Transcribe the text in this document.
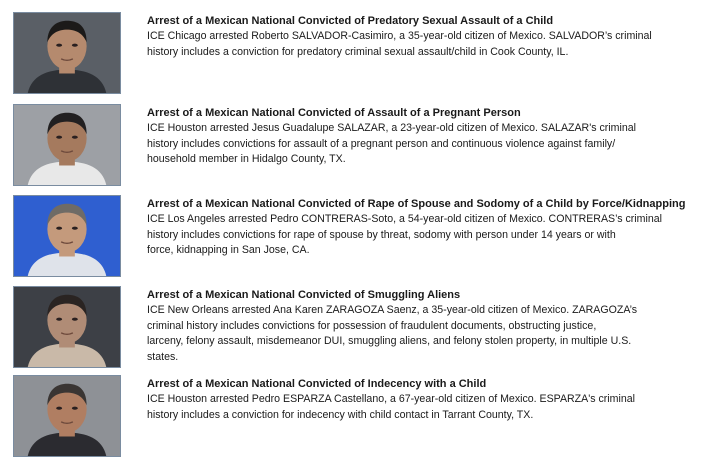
Arrest of a Mexican National Convicted of Predatory Sexual Assault of a Child

ICE Chicago arrested Roberto SALVADOR-Casimiro, a 35-year-old citizen of Mexico. SALVADOR’s criminal
history includes a conviction for predatory criminal sexual assault/child in Cook County, IL.

Arrest of a Mexican National Convicted of Assault of a Pregnant Person

ICE Houston arrested Jesus Guadalupe SALAZAR, a 23-year-old citizen of Mexico. SALAZAR's criminal
history includes convictions for assault of a pregnant person and continuous violence against family/
household member in Hidalgo County, TX.

Arrest of a Mexican National Convicted of Rape of Spouse and Sodomy of a Child by Force/Kidnapping

ICE Los Angeles arrested Pedro CONTRERAS-Soto, a 54-year-old citizen of Mexico. CONTRERAS’s criminal
history includes convictions for rape of spouse by threat, sodomy with person under 14 years or with
force, kidnapping in San Jose, CA.

Arrest of a Mexican National Convicted of Smuggling Aliens

ICE New Orleans arrested Ana Karen ZARAGOZA Saenz, a 35-year-old citizen of Mexico. ZARAGOZA’s
criminal history includes convictions for possession of fraudulent documents, obstructing justice,
larceny, felony assault, misdemeanor DUI, smuggling aliens, and felony stolen property, in multiple U.S.
states.

Arrest of a Mexican National Convicted of Indecency with a Child

ICE Houston arrested Pedro ESPARZA Castellano, a 67-year-old citizen of Mexico. ESPARZA's criminal
history includes a conviction for indecency with child contact in Tarrant County, TX.
